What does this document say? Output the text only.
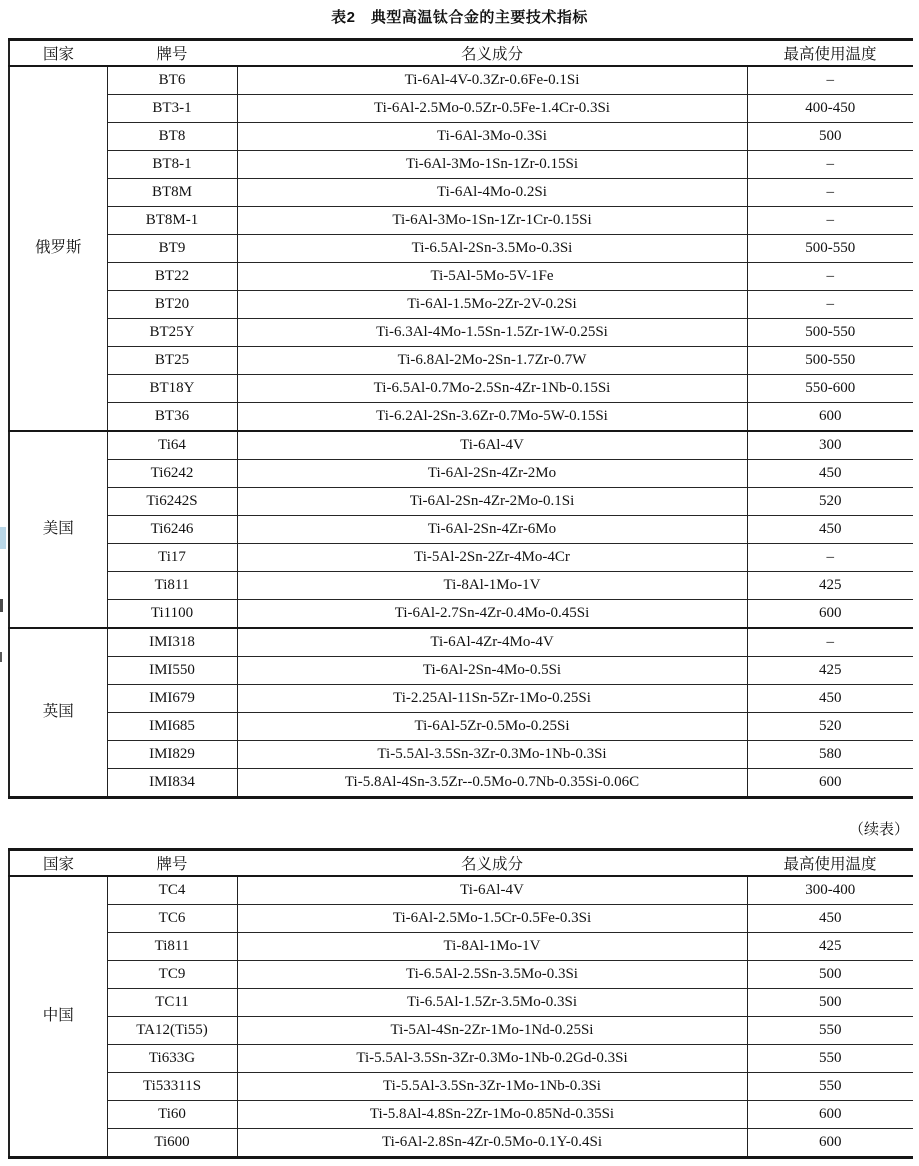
表2　典型高温钛合金的主要技术指标
国家	牌号	名义成分	最高使用温度
俄罗斯	BT6	Ti-6Al-4V-0.3Zr-0.6Fe-0.1Si	–
	BT3-1	Ti-6Al-2.5Mo-0.5Zr-0.5Fe-1.4Cr-0.3Si	400-450
	BT8	Ti-6Al-3Mo-0.3Si	500
	BT8-1	Ti-6Al-3Mo-1Sn-1Zr-0.15Si	–
	BT8M	Ti-6Al-4Mo-0.2Si	–
	BT8M-1	Ti-6Al-3Mo-1Sn-1Zr-1Cr-0.15Si	–
	BT9	Ti-6.5Al-2Sn-3.5Mo-0.3Si	500-550
	BT22	Ti-5Al-5Mo-5V-1Fe	–
	BT20	Ti-6Al-1.5Mo-2Zr-2V-0.2Si	–
	BT25Y	Ti-6.3Al-4Mo-1.5Sn-1.5Zr-1W-0.25Si	500-550
	BT25	Ti-6.8Al-2Mo-2Sn-1.7Zr-0.7W	500-550
	BT18Y	Ti-6.5Al-0.7Mo-2.5Sn-4Zr-1Nb-0.15Si	550-600
	BT36	Ti-6.2Al-2Sn-3.6Zr-0.7Mo-5W-0.15Si	600
美国	Ti64	Ti-6Al-4V	300
	Ti6242	Ti-6Al-2Sn-4Zr-2Mo	450
	Ti6242S	Ti-6Al-2Sn-4Zr-2Mo-0.1Si	520
	Ti6246	Ti-6Al-2Sn-4Zr-6Mo	450
	Ti17	Ti-5Al-2Sn-2Zr-4Mo-4Cr	–
	Ti811	Ti-8Al-1Mo-1V	425
	Ti1100	Ti-6Al-2.7Sn-4Zr-0.4Mo-0.45Si	600
英国	IMI318	Ti-6Al-4Zr-4Mo-4V	–
	IMI550	Ti-6Al-2Sn-4Mo-0.5Si	425
	IMI679	Ti-2.25Al-11Sn-5Zr-1Mo-0.25Si	450
	IMI685	Ti-6Al-5Zr-0.5Mo-0.25Si	520
	IMI829	Ti-5.5Al-3.5Sn-3Zr-0.3Mo-1Nb-0.3Si	580
	IMI834	Ti-5.8Al-4Sn-3.5Zr--0.5Mo-0.7Nb-0.35Si-0.06C	600
（续表）
国家	牌号	名义成分	最高使用温度
中国	TC4	Ti-6Al-4V	300-400
	TC6	Ti-6Al-2.5Mo-1.5Cr-0.5Fe-0.3Si	450
	Ti811	Ti-8Al-1Mo-1V	425
	TC9	Ti-6.5Al-2.5Sn-3.5Mo-0.3Si	500
	TC11	Ti-6.5Al-1.5Zr-3.5Mo-0.3Si	500
	TA12(Ti55)	Ti-5Al-4Sn-2Zr-1Mo-1Nd-0.25Si	550
	Ti633G	Ti-5.5Al-3.5Sn-3Zr-0.3Mo-1Nb-0.2Gd-0.3Si	550
	Ti53311S	Ti-5.5Al-3.5Sn-3Zr-1Mo-1Nb-0.3Si	550
	Ti60	Ti-5.8Al-4.8Sn-2Zr-1Mo-0.85Nd-0.35Si	600
	Ti600	Ti-6Al-2.8Sn-4Zr-0.5Mo-0.1Y-0.4Si	600
